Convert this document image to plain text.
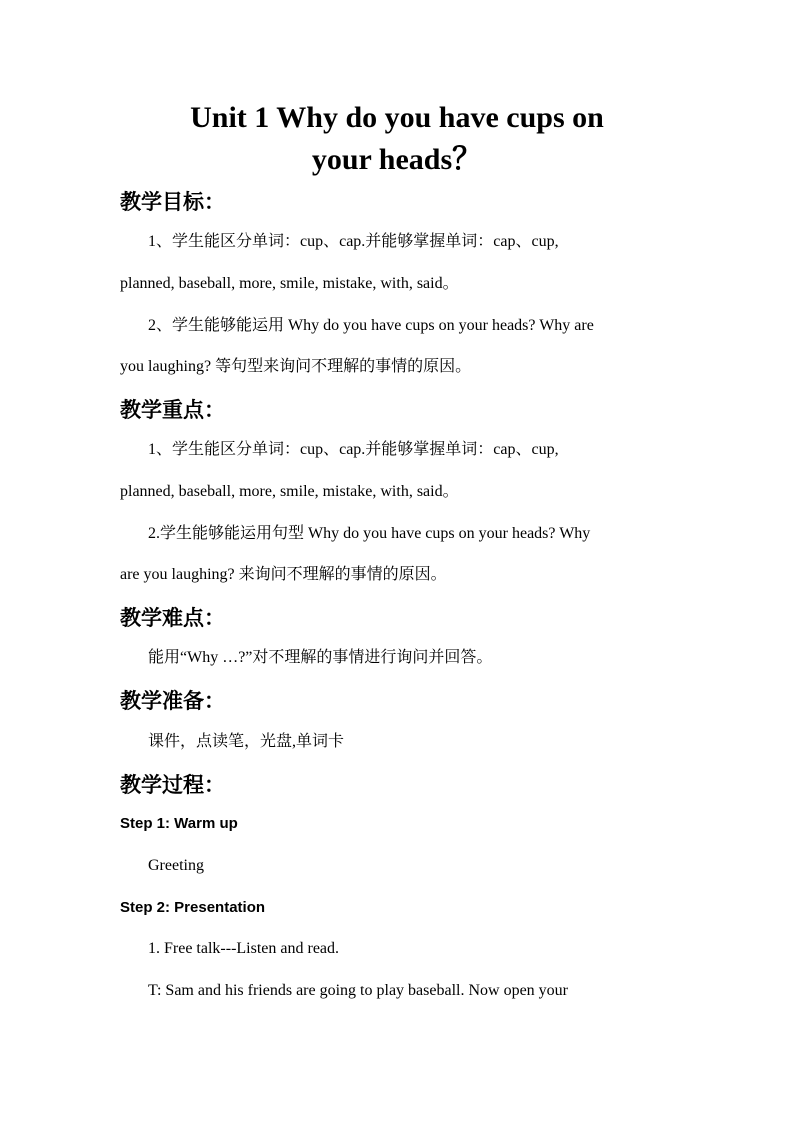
Unit 1 Why do you have cups on
your heads？
教学目标：
1、学生能区分单词：cup、cap.并能够掌握单词：cap、cup,
planned, baseball, more, smile, mistake, with, said。
2、学生能够能运用 Why do you have cups on your heads? Why are
you laughing? 等句型来询问不理解的事情的原因。
教学重点：
1、学生能区分单词：cup、cap.并能够掌握单词：cap、cup,
planned, baseball, more, smile, mistake, with, said。
2.学生能够能运用句型 Why do you have cups on your heads? Why
are you laughing? 来询问不理解的事情的原因。
教学难点：
能用“Why …?”对不理解的事情进行询问并回答。
教学准备：
课件，点读笔，光盘,单词卡
教学过程：
Step 1: Warm up
Greeting
Step 2: Presentation
1. Free talk---Listen and read.
T: Sam and his friends are going to play baseball. Now open your
